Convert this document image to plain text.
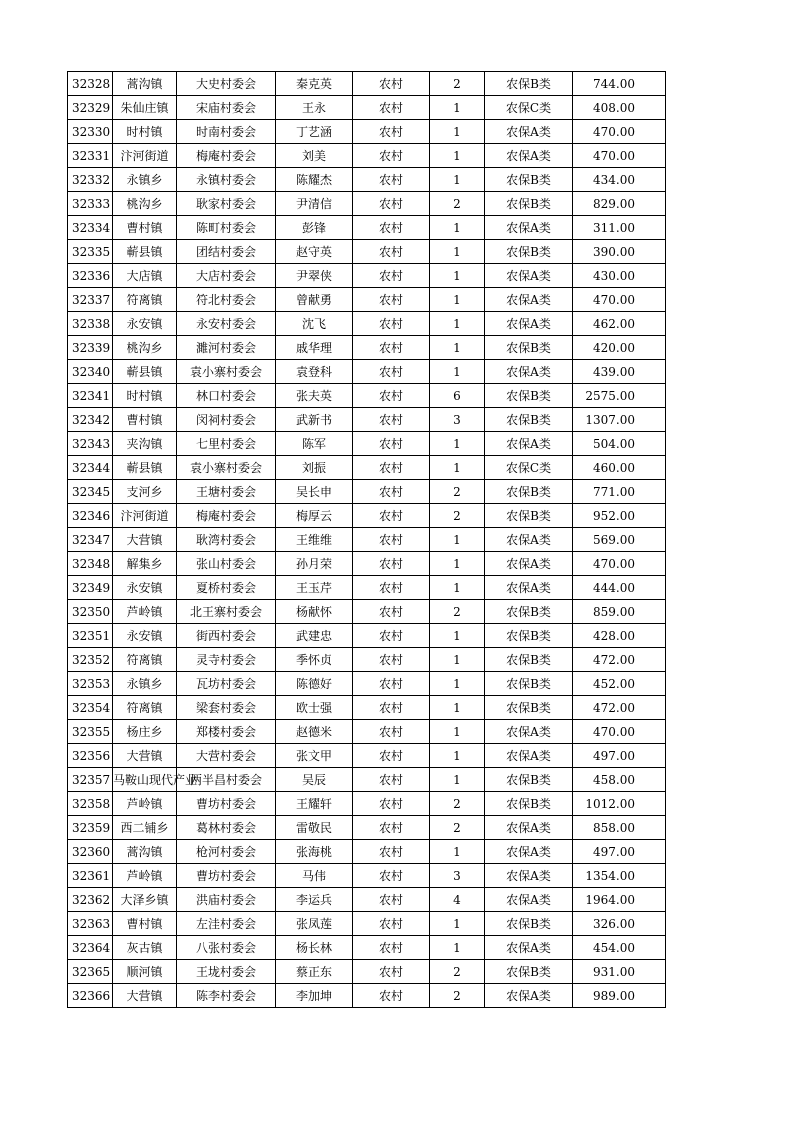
32328	蒿沟镇	大史村委会	秦克英	农村	2	农保B类	744.00
32329	朱仙庄镇	宋庙村委会	王永	农村	1	农保C类	408.00
32330	时村镇	时南村委会	丁艺涵	农村	1	农保A类	470.00
32331	汴河街道	梅庵村委会	刘美	农村	1	农保A类	470.00
32332	永镇乡	永镇村委会	陈耀杰	农村	1	农保B类	434.00
32333	桃沟乡	耿家村委会	尹清信	农村	2	农保B类	829.00
32334	曹村镇	陈町村委会	彭锋	农村	1	农保A类	311.00
32335	蕲县镇	团结村委会	赵守英	农村	1	农保B类	390.00
32336	大店镇	大店村委会	尹翠侠	农村	1	农保A类	430.00
32337	符离镇	符北村委会	曾献勇	农村	1	农保A类	470.00
32338	永安镇	永安村委会	沈飞	农村	1	农保A类	462.00
32339	桃沟乡	濉河村委会	戚华理	农村	1	农保B类	420.00
32340	蕲县镇	袁小寨村委会	袁登科	农村	1	农保A类	439.00
32341	时村镇	林口村委会	张夫英	农村	6	农保B类	2575.00
32342	曹村镇	闵祠村委会	武新书	农村	3	农保B类	1307.00
32343	夹沟镇	七里村委会	陈军	农村	1	农保A类	504.00
32344	蕲县镇	袁小寨村委会	刘振	农村	1	农保C类	460.00
32345	支河乡	王塘村委会	吴长申	农村	2	农保B类	771.00
32346	汴河街道	梅庵村委会	梅厚云	农村	2	农保B类	952.00
32347	大营镇	耿湾村委会	王维维	农村	1	农保A类	569.00
32348	解集乡	张山村委会	孙月荣	农村	1	农保A类	470.00
32349	永安镇	夏桥村委会	王玉芹	农村	1	农保A类	444.00
32350	芦岭镇	北王寨村委会	杨献怀	农村	2	农保B类	859.00
32351	永安镇	街西村委会	武建忠	农村	1	农保B类	428.00
32352	符离镇	灵寺村委会	季怀贞	农村	1	农保B类	472.00
32353	永镇乡	瓦坊村委会	陈德好	农村	1	农保B类	452.00
32354	符离镇	梁套村委会	欧士强	农村	1	农保B类	472.00
32355	杨庄乡	郑楼村委会	赵德米	农村	1	农保A类	470.00
32356	大营镇	大营村委会	张文甲	农村	1	农保A类	497.00
32357	马鞍山现代产业	两半昌村委会	吴辰	农村	1	农保B类	458.00
32358	芦岭镇	曹坊村委会	王耀轩	农村	2	农保B类	1012.00
32359	西二铺乡	葛林村委会	雷敬民	农村	2	农保A类	858.00
32360	蒿沟镇	枪河村委会	张海桃	农村	1	农保A类	497.00
32361	芦岭镇	曹坊村委会	马伟	农村	3	农保A类	1354.00
32362	大泽乡镇	洪庙村委会	李运兵	农村	4	农保A类	1964.00
32363	曹村镇	左洼村委会	张凤莲	农村	1	农保B类	326.00
32364	灰古镇	八张村委会	杨长林	农村	1	农保A类	454.00
32365	顺河镇	王垅村委会	蔡正东	农村	2	农保B类	931.00
32366	大营镇	陈李村委会	李加坤	农村	2	农保A类	989.00
